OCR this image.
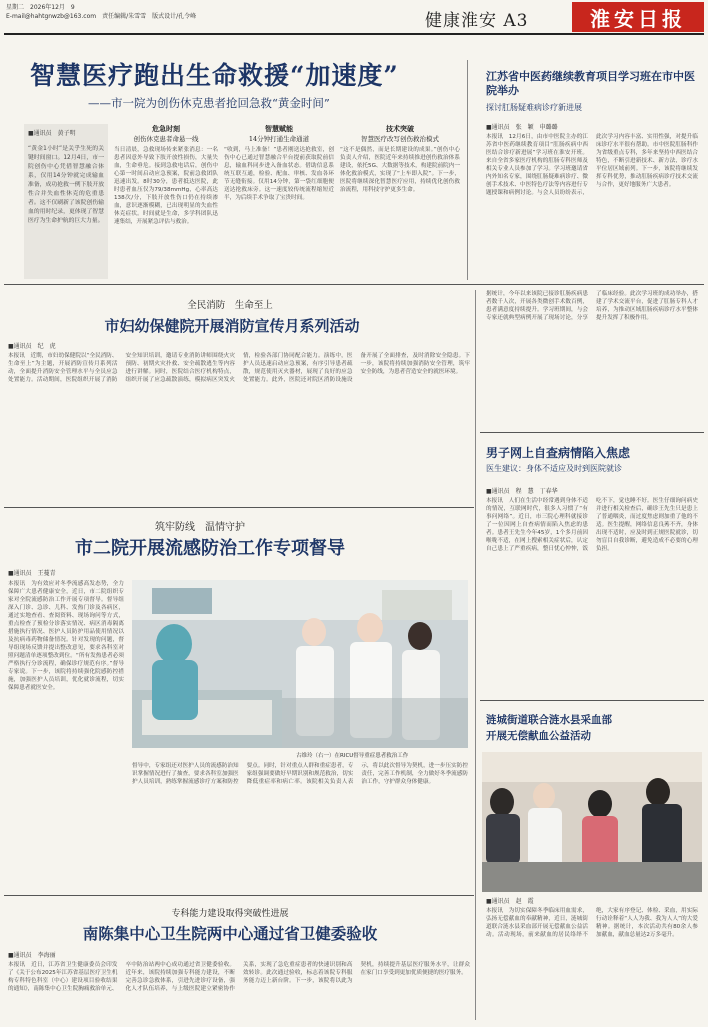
星期二　2026年12月　9
E-mail@hahtgnwzb@163.com　责任编辑/朱雪雪　版式设计/孔令峰	健康淮安 A3	淮安日报
智慧医疗跑出生命救援“加速度”
——市一院为创伤休克患者抢回急救“黄金时间”
■通讯员　黄子明
“黄金1小时”是关乎生死的关键时间窗口。12月4日，市一院创伤中心凭借智慧融合体系，仅用14分钟就完成输血准备，成功抢救一例下肢开放性合并失血性休克的危重患者。这不仅刷新了该院创伤输血的用时纪录，更体现了智慧医疗为生命护航的巨大力量。
危急时刻
创伤休克患者命悬一线
当日清晨，急救现场传来紧张消息：一名患者因意外导致下肢开放性损伤，大量失血，生命垂危。接到急救电话后，创伤中心第一时间启动应急预案，院前急救团队迅速出发。8时30分，患者抵达医院，此时患者血压仅为79/38mmHg，心率高达138次/分，下肢开放性伤口仍在持续渗血，意识逐渐模糊，已出现明显的失血性休克症状。时间就是生命，多学科团队迅速集结，开展紧急评估与救治。
智慧赋能
14分钟打通生命通道
“收到，马上准备！”患者刚送达抢救室，创伤中心已通过智慧融合平台提前获取院前信息，输血科同步进入备血状态。借助信息系统互联互通，检验、配血、审核、发血各环节无缝衔接。仅用14分钟，第一袋红细胞便送达抢救床旁。这一速度较传统流程缩短近半，为后续手术争取了宝贵时间。
技术突破
智慧医疗改写创伤救治模式
“这不是偶然，而是长期建设的成果。”创伤中心负责人介绍，医院近年来持续推进创伤救治体系建设，依托5G、大数据等技术，构建院前院内一体化救治模式，实现了“上车即入院”。下一步，医院将继续深化智慧医疗应用，持续优化创伤救治流程，用科技守护更多生命。
江苏省中医药继续教育项目学习班在市中医院举办
探讨肛肠疑难病诊疗新进展
■通讯员　张　颖　申璐璐
本报讯　12月6日，由市中医院主办的江苏省中医药继续教育项目“肛肠疾病中西医结合诊疗新进展”学习班在淮安开班。来自全省多家医疗机构的肛肠专科医师及相关专业人员参加了学习。学习班邀请省内外知名专家，围绕肛肠疑难病诊疗、微创手术技术、中医特色疗法等内容进行专题授课和病例讨论。与会人员纷纷表示，此次学习内容丰富、实用性强，对提升临床诊疗水平很有帮助。市中医院肛肠科作为省级重点专科，多年来坚持中西医结合特色，不断引进新技术、新方法，诊疗水平位居区域前列。下一步，该院将继续发挥专科优势，推动肛肠疾病诊疗技术交流与合作，更好地服务广大患者。
全民消防　生命至上
市妇幼保健院开展消防宣传月系列活动
■通讯员　纪　虎
本报讯　近期，市妇幼保健院以“全民消防、生命至上”为主题，开展消防宣传月系列活动，全面提升消防安全管理水平与全员应急处置能力。活动期间，医院组织开展了消防安全知识培训，邀请专业消防讲师围绕火灾预防、初期火灾扑救、安全疏散逃生等内容进行讲解。同时，医院结合医疗机构特点，组织开展了应急疏散演练，模拟病区突发火情，检验各部门协同配合能力。演练中，医护人员迅速启动应急预案，有序引导患者疏散，规范使用灭火器材，展现了良好的应急处置能力。此外，医院还对院区消防设施设备开展了全面排查，及时消除安全隐患。下一步，该院将持续加强消防安全管理，筑牢安全防线，为患者营造安全的就医环境。
据统计，今年以来该院已接诊肛肠疾病患者数千人次，开展各类微创手术数百例，患者满意度持续提升。学习班期间，与会专家还就典型病例开展了现场讨论，分享了临床经验。此次学习班的成功举办，搭建了学术交流平台，促进了肛肠专科人才培养，为推动区域肛肠疾病诊疗水平整体提升发挥了积极作用。
男子网上自查病情陷入焦虑
医生建议：身体不适应及时到医院就诊
■通讯员　程　慧　丁春华
本报讯　人们在生活中经常遇到身体不适的情况，互联网时代，很多人习惯了“有事问网络”。近日，市三院心理科就接诊了一位因网上自查病情而陷入焦虑的患者。患者王先生今年45岁，1个多月前因喉咙不适，在网上搜索相关症状后，认定自己患上了严重疾病，整日忧心忡忡，饭吃不下，觉也睡不好。医生仔细询问病史并进行相关检查后，确诊王先生只是患上了普通咽炎，而过度焦虑则加重了他的不适。医生提醒，网络信息良莠不齐，身体出现不适时，应及时到正规医院就诊，切勿盲目自我诊断，避免造成不必要的心理负担。
筑牢防线　温情守护
市二院开展流感防治工作专项督导
■通讯员　王蔓青
本报讯　为有效应对冬季流感高发态势，全力保障广大患者健康安全，近日，市二院组织专家对全院流感防治工作开展专项督导。督导组深入门诊、急诊、儿科、发热门诊及各病区，通过实地查看、查阅资料、现场询问等方式，重点检查了预检分诊落实情况、病区消毒隔离措施执行情况、医护人员防护用品使用情况以及抗病毒药物储备情况。针对发现的问题，督导组现场反馈并提出整改意见，要求各科室对照问题清单逐项整改到位。“所有发热患者必须严格执行分诊流程，确保诊疗规范有序。”督导专家说。下一步，该院将持续强化院感防控措施，加强医护人员培训，优化就诊流程，切实保障患者就医安全。
古维玲（右一）在RICU督导重症患者救治工作
督导中，专家组还对医护人员的流感防治知识掌握情况进行了抽查，要求各科室加强医护人员培训，熟练掌握流感诊疗方案和防控要点。同时，针对重点人群和重症患者，专家组强调要做好早期识别和规范救治，切实降低重症率和病亡率。该院相关负责人表示，将以此次督导为契机，进一步压实防控责任，完善工作机制，全力做好冬季流感防治工作，守护群众身体健康。
涟城街道联合涟水县采血部
开展无偿献血公益活动
■通讯员　赵　霞
本报讯　为切实保障冬季临床用血需求，弘扬无偿献血的奉献精神，近日，涟城街道联合涟水县采血部开展无偿献血公益活动。活动现场，前来献血的居民络绎不绝，大家有序登记、体检、采血，用实际行动诠释着“人人为我、我为人人”的大爱精神。据统计，本次活动共有80余人参加献血，献血总量达2万多毫升。
专科能力建设取得突破性进展
南陈集中心卫生院两中心通过省卫健委验收
■通讯员　李海丽
本报讯　近日，江苏省卫生健康委员会印发了《关于公布2025年江苏省基层医疗卫生机构专科特色科室（中心）建设项目验收结果的通知》，南陈集中心卫生院胸痛救治单元、卒中防治站两中心成功通过省卫健委验收。近年来，该院持续加强专科能力建设，不断完善急诊急救体系，引进先进诊疗设备，强化人才队伍培养，与上级医院建立紧密协作关系，实现了急危重症患者的快速识别和高效转诊。此次通过验收，标志着该院专科服务能力迈上新台阶。下一步，该院将以此为契机，持续提升基层医疗服务水平，让群众在家门口享受到更加优质便捷的医疗服务。
